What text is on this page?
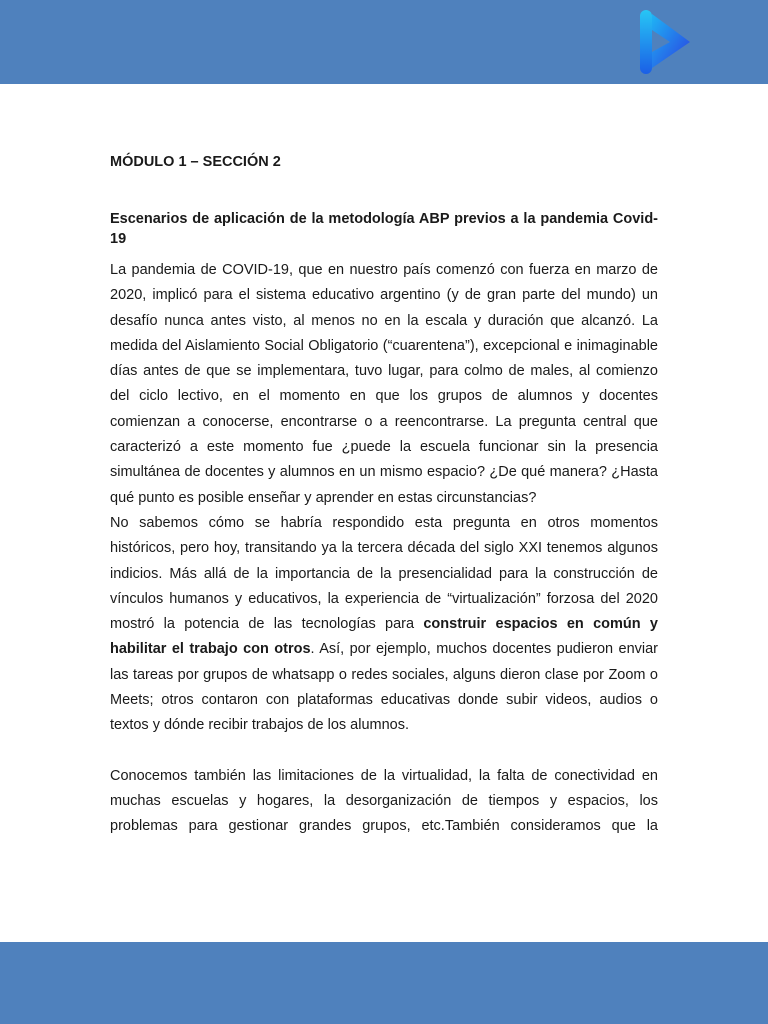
MÓDULO 1 – SECCIÓN 2

Escenarios de aplicación de la metodología ABP previos a la pandemia Covid-19

La pandemia de COVID-19, que en nuestro país comenzó con fuerza en marzo de 2020, implicó para el sistema educativo argentino (y de gran parte del mundo) un desafío nunca antes visto, al menos no en la escala y duración que alcanzó. La medida del Aislamiento Social Obligatorio (“cuarentena”), excepcional e inimaginable días antes de que se implementara, tuvo lugar, para colmo de males, al comienzo del ciclo lectivo, en el momento en que los grupos de alumnos y docentes comienzan a conocerse, encontrarse o a reencontrarse. La pregunta central que caracterizó a este momento fue ¿puede la escuela funcionar sin la presencia simultánea de docentes y alumnos en un mismo espacio? ¿De qué manera? ¿Hasta qué punto es posible enseñar y aprender en estas circunstancias?

No sabemos cómo se habría respondido esta pregunta en otros momentos históricos, pero hoy, transitando ya la tercera década del siglo XXI tenemos algunos indicios. Más allá de la importancia de la presencialidad para la construcción de vínculos humanos y educativos, la experiencia de “virtualización” forzosa del 2020 mostró la potencia de las tecnologías para construir espacios en común y habilitar el trabajo con otros. Así, por ejemplo, muchos docentes pudieron enviar las tareas por grupos de whatsapp o redes sociales, alguns dieron clase por Zoom o Meets; otros contaron con plataformas educativas donde subir videos, audios o textos y dónde recibir trabajos de los alumnos.

Conocemos también las limitaciones de la virtualidad, la falta de conectividad en muchas escuelas y hogares, la desorganización de tiempos y espacios, los problemas para gestionar grandes grupos, etc.También consideramos que la
